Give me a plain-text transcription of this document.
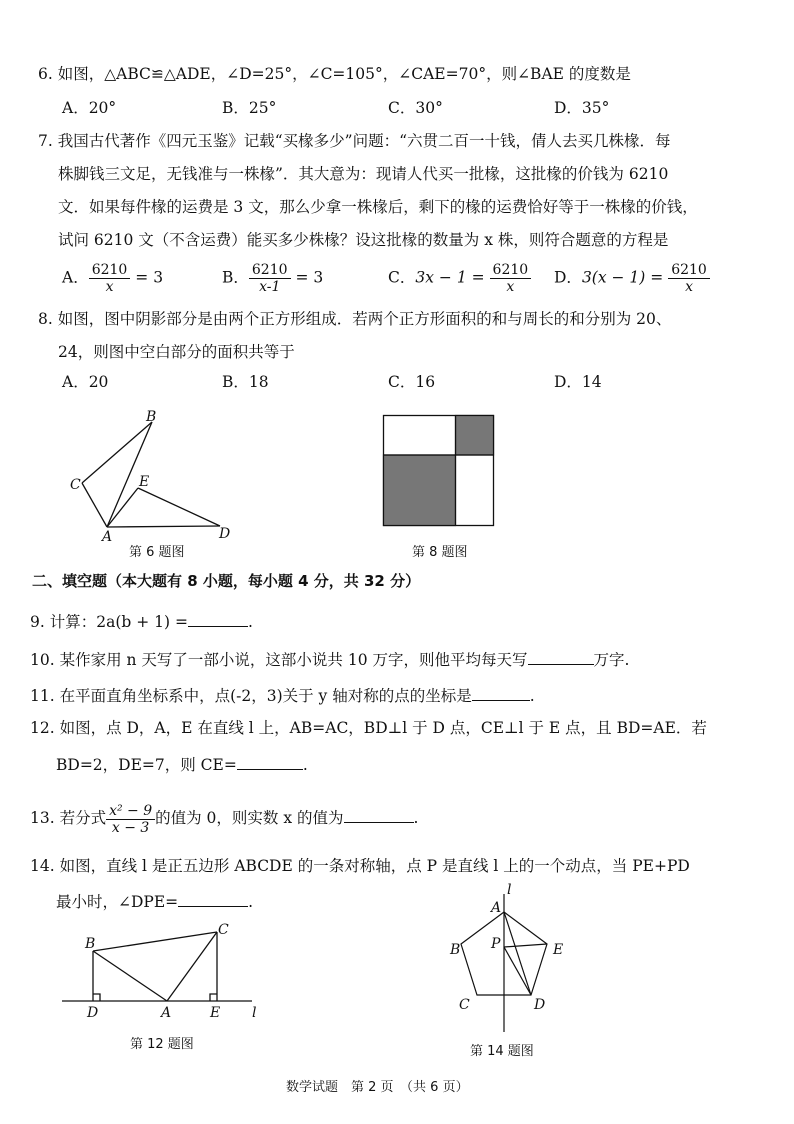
6. 如图，△ABC≌△ADE，∠D=25°，∠C=105°，∠CAE=70°，则∠BAE 的度数是
A．20°	B．25°	C．30°	D．35°
7. 我国古代著作《四元玉鉴》记载“买椽多少”问题：“六贯二百一十钱，倩人去买几株椽．每
株脚钱三文足，无钱准与一株椽”．其大意为：现请人代买一批椽，这批椽的价钱为 6210
文．如果每件椽的运费是 3 文，那么少拿一株椽后，剩下的椽的运费恰好等于一株椽的价钱，
试问 6210 文（不含运费）能买多少株椽？设这批椽的数量为 x 株，则符合题意的方程是
A． $\frac{6210}{x} = 3$	B． $\frac{6210}{x-1} = 3$	C．$3x - 1 = \frac{6210}{x}$ D．$3(x - 1) = \frac{6210}{x}$
8. 如图，图中阴影部分是由两个正方形组成．若两个正方形面积的和与周长的和分别为 20、
24，则图中空白部分的面积共等于
A．20	B．18	C．16	D．14
B
C	E
A	D
第 6 题图	第 8 题图
二、填空题（本大题有 8 小题，每小题 4 分，共 32 分）
9. 计算：2a(b + 1) =	.
10. 某作家用 n 天写了一部小说，这部小说共 10 万字，则他平均每天写	万字.
11. 在平面直角坐标系中，点(-2，3)关于 y 轴对称的点的坐标是	.
12. 如图，点 D，A，E 在直线 l 上，AB=AC，BD⊥l 于 D 点，CE⊥l 于 E 点，且 BD=AE．若
BD=2，DE=7，则 CE=	.
13. 若分式 $\frac{\text{x² − 9}}{x - 3}$ 的值为 0，则实数 x 的值为	.
14. 如图，直线 l 是正五边形 ABCDE 的一条对称轴，点 P 是直线 l 上的一个动点，当 PE+PD
最小时，∠DPE=	.
B
C
D	A	E l
第 12 题图
l
A
B P	E
C	D
第 14 题图
数学试题　第 2 页　（共 6 页）
